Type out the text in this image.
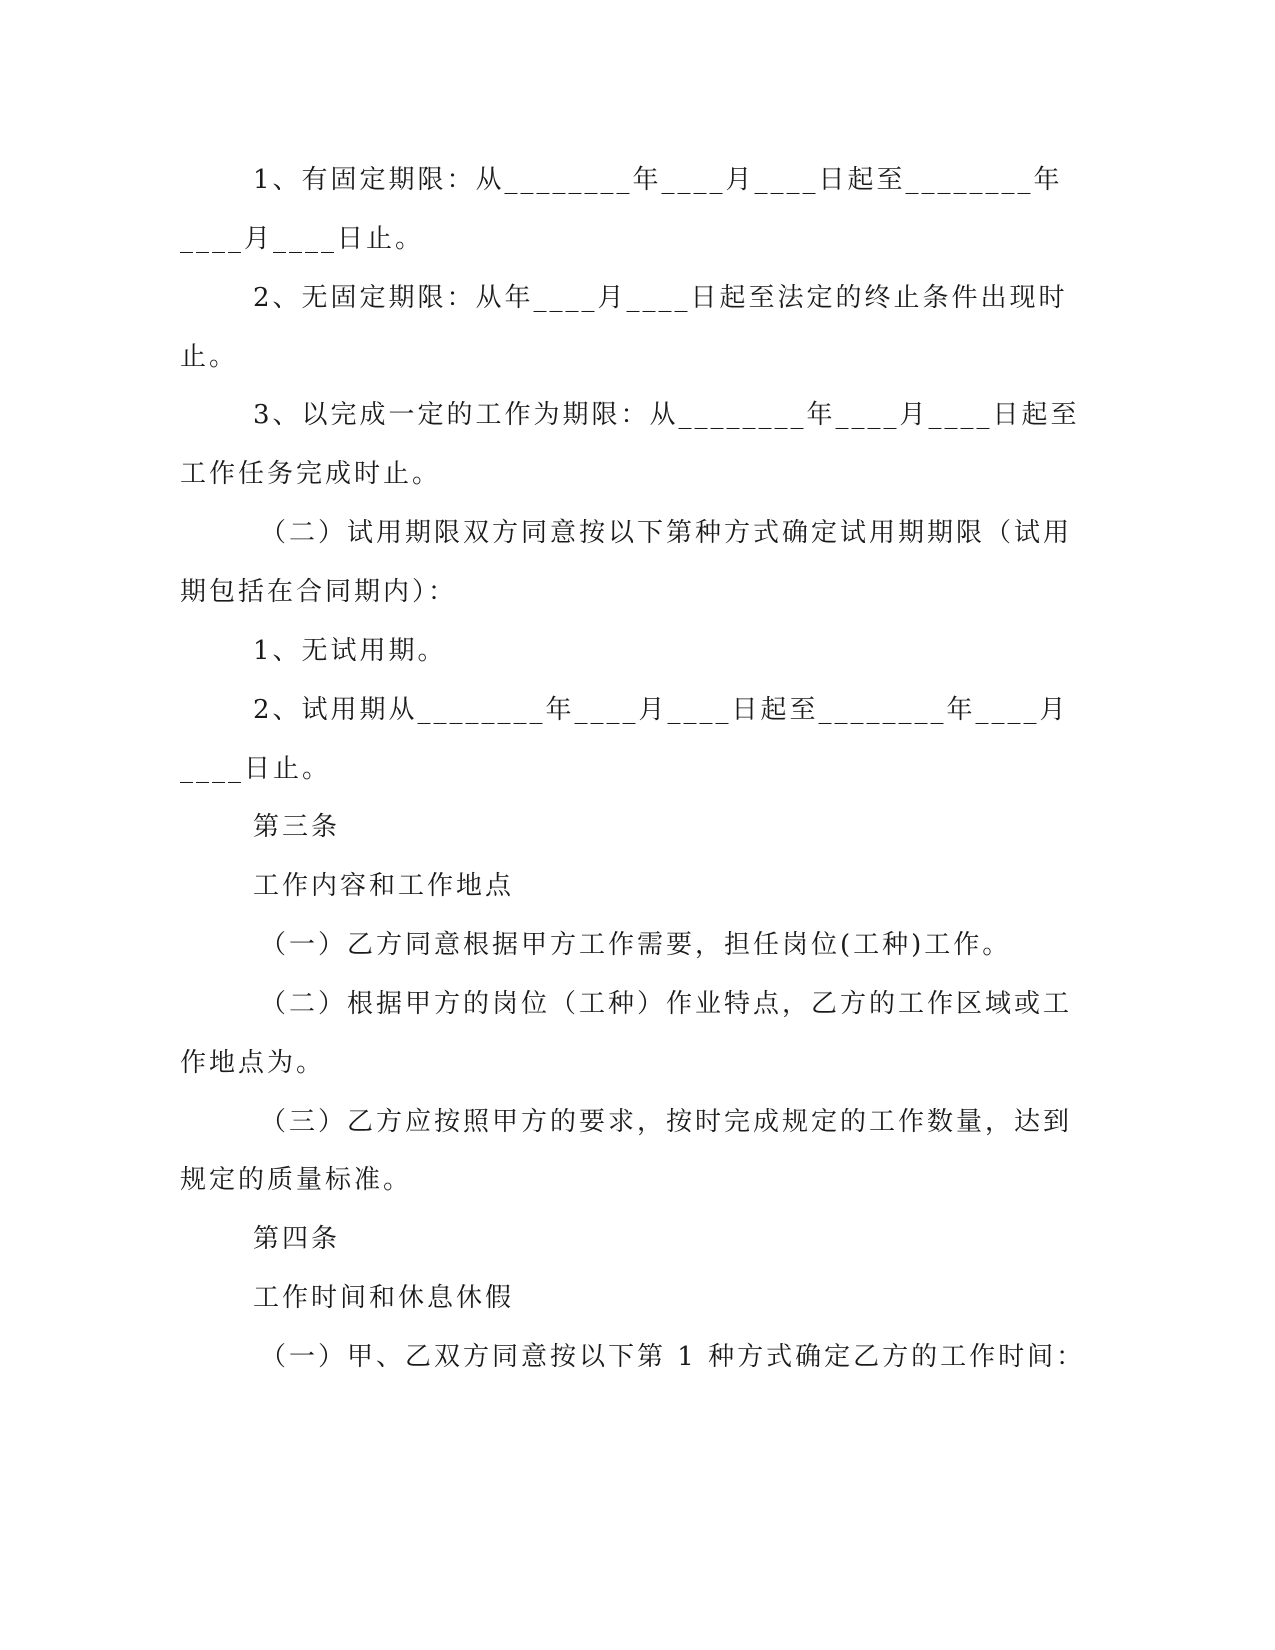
1、有固定期限：从________年____月____日起至________年
____月____日止。
2、无固定期限：从年____月____日起至法定的终止条件出现时
止。
3、以完成一定的工作为期限：从________年____月____日起至
工作任务完成时止。
（二）试用期限双方同意按以下第种方式确定试用期期限（试用
期包括在合同期内）：
1、无试用期。
2、试用期从________年____月____日起至________年____月
____日止。
第三条
工作内容和工作地点
（一）乙方同意根据甲方工作需要，担任岗位(工种)工作。
（二）根据甲方的岗位（工种）作业特点，乙方的工作区域或工
作地点为。
（三）乙方应按照甲方的要求，按时完成规定的工作数量，达到
规定的质量标准。
第四条
工作时间和休息休假
（一）甲、乙双方同意按以下第 1 种方式确定乙方的工作时间：
